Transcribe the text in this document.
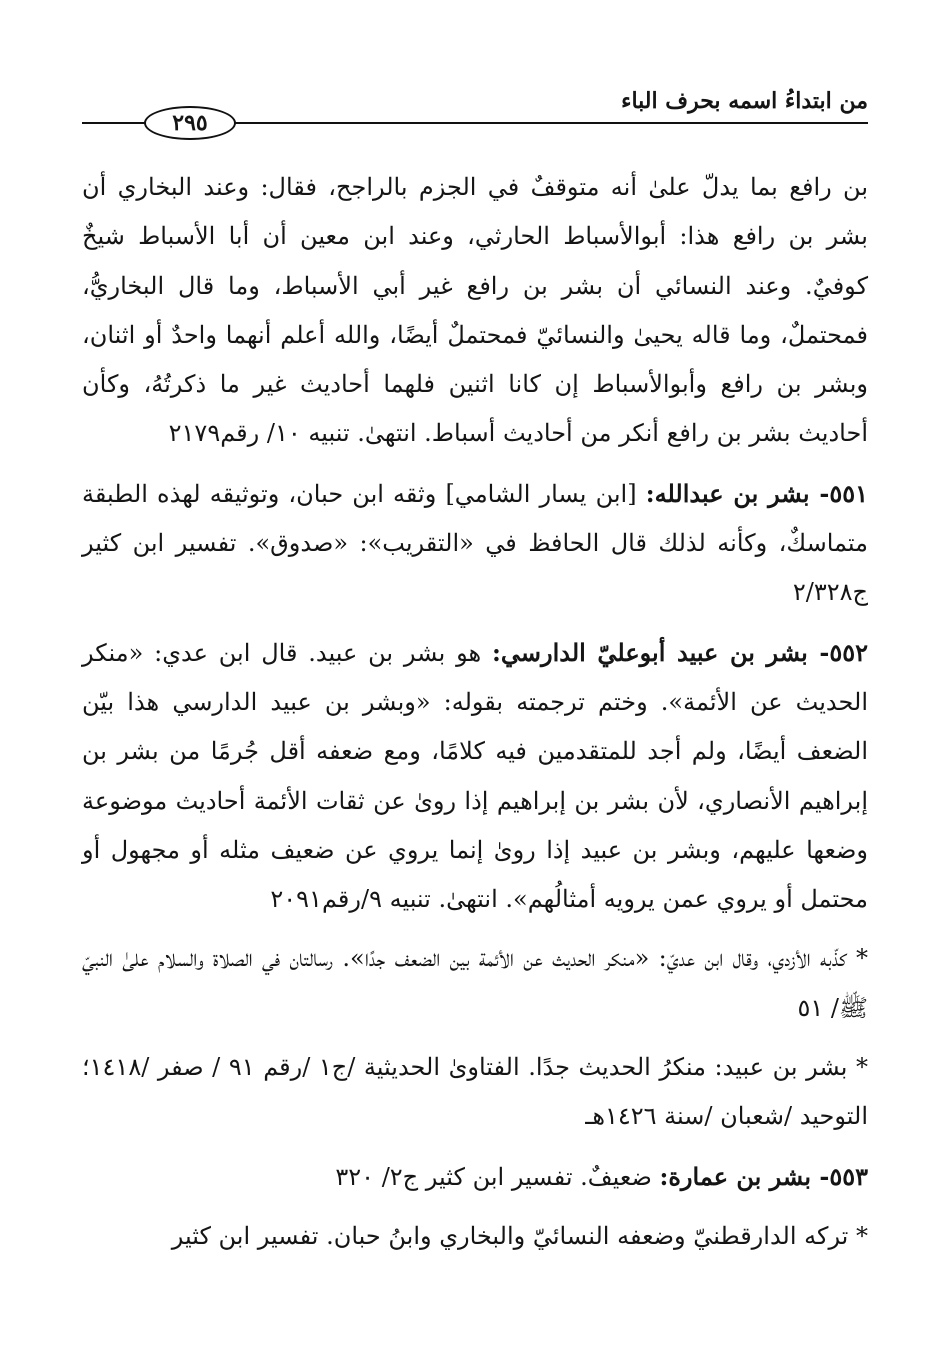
من ابتداءُ اسمه بحرف الباء
٢٩٥

بن رافع بما يدلّ علىٰ أنه متوقفٌ في الجزم بالراجح، فقال: وعند البخاري أن بشر بن رافع هذا: أبوالأسباط الحارثي، وعند ابن معين أن أبا الأسباط شيخٌ كوفيٌ. وعند النسائي أن بشر بن رافع غير أبي الأسباط، وما قال البخاريُّ، فمحتملٌ، وما قاله يحيىٰ والنسائيّ فمحتملٌ أيضًا، والله أعلم أنهما واحدٌ أو اثنان، وبشر بن رافع وأبوالأسباط إن كانا اثنين فلهما أحاديث غير ما ذكرتُهُ، وكأن أحاديث بشر بن رافع أنكر من أحاديث أسباط. انتهىٰ. تنبيه ١٠/ رقم٢١٧٩

٥٥١- بشر بن عبدالله: [ابن يسار الشامي] وثقه ابن حبان، وتوثيقه لهذه الطبقة متماسكٌ، وكأنه لذلك قال الحافظ في «التقريب»: «صدوق». تفسير ابن كثير ج٢/٣٢٨

٥٥٢- بشر بن عبيد أبوعليّ الدارسي: هو بشر بن عبيد. قال ابن عدي: «منكر الحديث عن الأئمة». وختم ترجمته بقوله: «وبشر بن عبيد الدارسي هذا بيّن الضعف أيضًا، ولم أجد للمتقدمين فيه كلامًا، ومع ضعفه أقل جُرمًا من بشر بن إبراهيم الأنصاري، لأن بشر بن إبراهيم إذا روىٰ عن ثقات الأئمة أحاديث موضوعة وضعها عليهم، وبشر بن عبيد إذا روىٰ إنما يروي عن ضعيف مثله أو مجهول أو محتمل أو يروي عمن يرويه أمثالُهم». انتهىٰ. تنبيه ٩/رقم٢٠٩١

* كذّبه الأزدي، وقال ابن عديّ: «منكر الحديث عن الأئمة بين الضعف جدًا». رسالتان في الصلاة والسلام علىٰ النبيّ ﷺ/ ٥١

* بشر بن عبيد: منكرُ الحديث جدًا. الفتاوىٰ الحديثية /ج١ /رقم ٩١ / صفر /١٤١٨؛ التوحيد /شعبان /سنة ١٤٢٦هـ

٥٥٣- بشر بن عمارة: ضعيفٌ. تفسير ابن كثير ج٢/ ٣٢٠

* تركه الدارقطنيّ وضعفه النسائيّ والبخاري وابنُ حبان. تفسير ابن كثير
